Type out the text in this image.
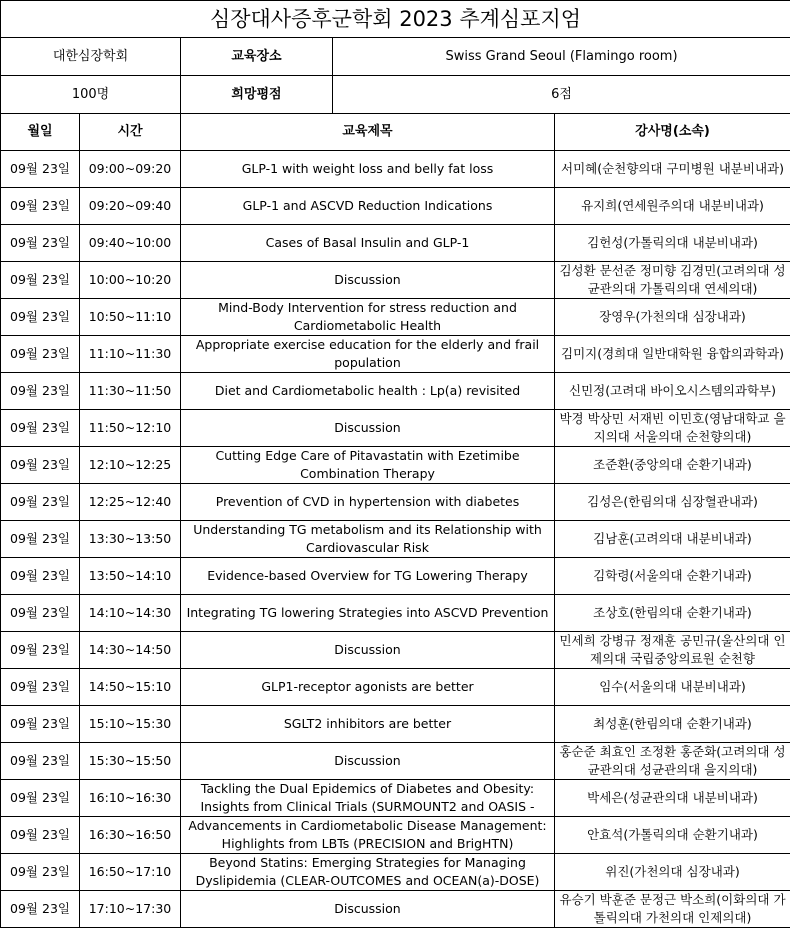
심장대사증후군학회 2023 추계심포지엄				
대한심장학회		교육장소	Swiss Grand Seoul (Flamingo room)	
100명		희망평점	6점	
월일	시간	교육제목		강사명(소속)

09월 23일	09:00~09:20	GLP-1 with weight loss and belly fat loss		서미혜(순천향의대 구미병원 내분비내과)

09월 23일	09:20~09:40	GLP-1 and ASCVD Reduction Indications		유지희(연세원주의대 내분비내과)

09월 23일	09:40~10:00	Cases of Basal Insulin and GLP-1		김헌성(가톨릭의대 내분비내과)

09월 23일	10:00~10:20	Discussion		김성환 문선준 정미향 김경민(고려의대 성균관의대 가톨릭의대 연세의대)

09월 23일	10:50~11:10	Mind-Body Intervention for stress reduction and Cardiometabolic Health		장영우(가천의대 심장내과)

09월 23일	11:10~11:30	Appropriate exercise education for the elderly and frail population		김미지(경희대 일반대학원 융합의과학과)

09월 23일	11:30~11:50	Diet and Cardiometabolic health : Lp(a) revisited		신민정(고려대 바이오시스템의과학부)

09월 23일	11:50~12:10	Discussion		박경 박상민 서재빈 이민호(영남대학교 을지의대 서울의대 순천향의대)

09월 23일	12:10~12:25	Cutting Edge Care of Pitavastatin with Ezetimibe Combination Therapy		조준환(중앙의대 순환기내과)

09월 23일	12:25~12:40	Prevention of CVD in hypertension with diabetes		김성은(한림의대 심장혈관내과)

09월 23일	13:30~13:50	Understanding TG metabolism and its Relationship with Cardiovascular Risk		김남훈(고려의대 내분비내과)

09월 23일	13:50~14:10	Evidence-based Overview for TG Lowering Therapy		김학령(서울의대 순환기내과)

09월 23일	14:10~14:30	Integrating TG lowering Strategies into ASCVD Prevention		조상호(한림의대 순환기내과)

09월 23일	14:30~14:50	Discussion		민세희 강병규 정재훈 공민규(울산의대 인제의대 국립중앙의료원 순천향

09월 23일	14:50~15:10	GLP1-receptor agonists are better		임수(서울의대 내분비내과)

09월 23일	15:10~15:30	SGLT2 inhibitors are better		최성훈(한림의대 순환기내과)

09월 23일	15:30~15:50	Discussion		홍순준 최효인 조정환 홍준화(고려의대 성균관의대 성균관의대 을지의대)

09월 23일	16:10~16:30	Tackling the Dual Epidemics of Diabetes and Obesity: Insights from Clinical Trials (SURMOUNT2 and OASIS -		박세은(성균관의대 내분비내과)

09월 23일	16:30~16:50	Advancements in Cardiometabolic Disease Management: Highlights from LBTs (PRECISION and BrigHTN)		안효석(가톨릭의대 순환기내과)

09월 23일	16:50~17:10	Beyond Statins: Emerging Strategies for Managing Dyslipidemia (CLEAR-OUTCOMES and OCEAN(a)-DOSE)		위진(가천의대 심장내과)

09월 23일	17:10~17:30	Discussion		유승기 박훈준 문정근 박소희(이화의대 가톨릭의대 가천의대 인제의대)
